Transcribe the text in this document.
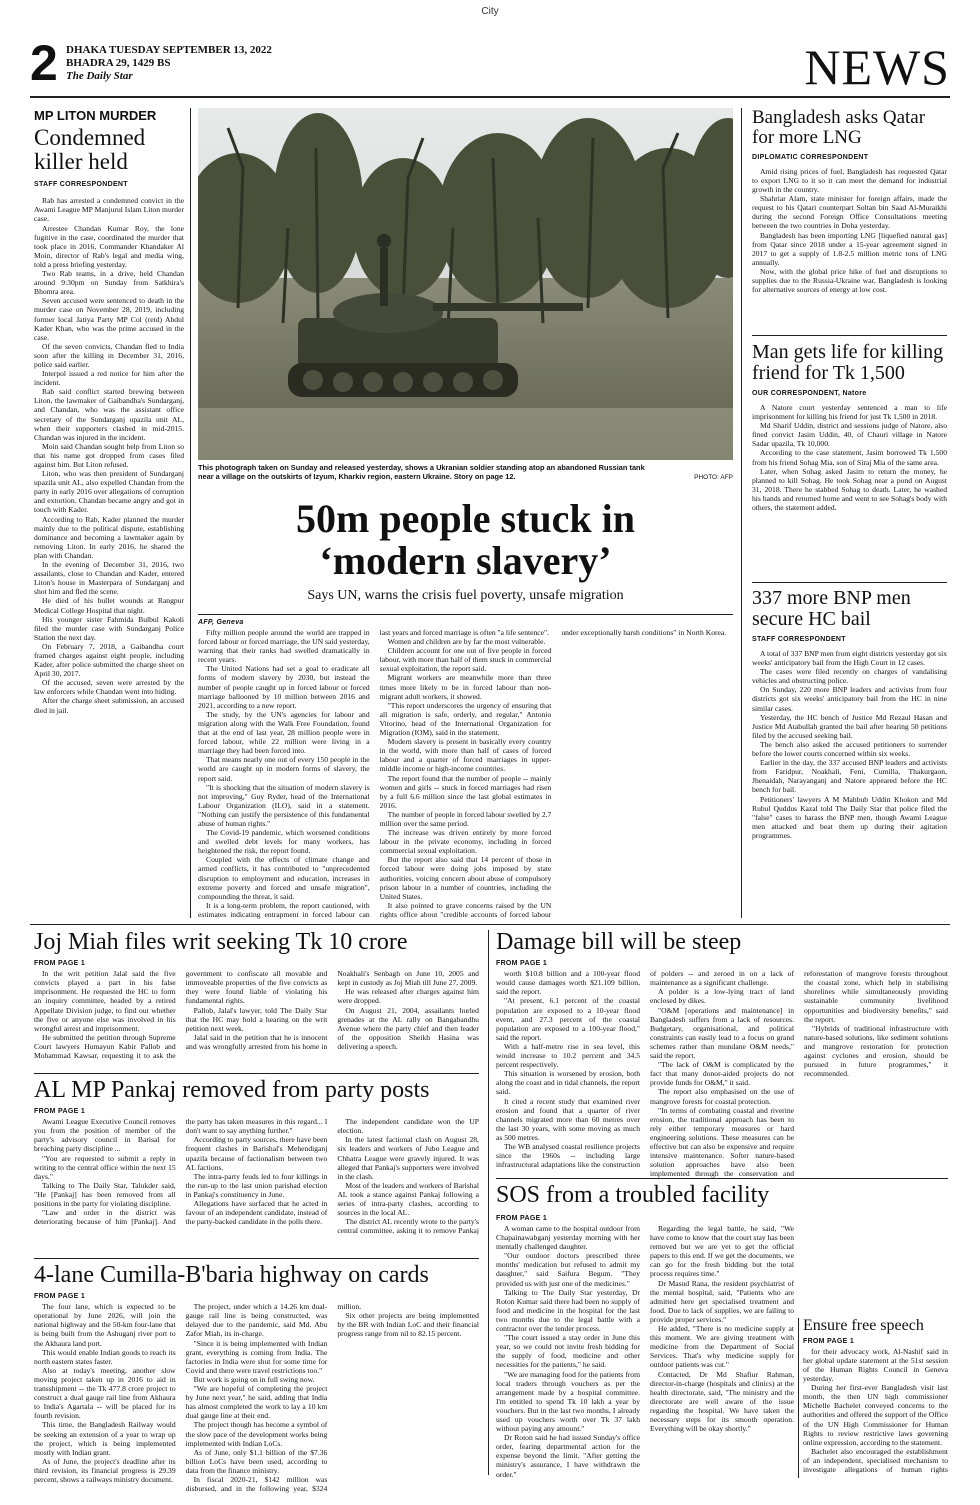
City
2 DHAKA TUESDAY SEPTEMBER 13, 2022
BHADRA 29, 1429 BS
The Daily Star	NEWS
MP LITON MURDER
Condemned killer held
STAFF CORRESPONDENT

Rab has arrested a condemned convict in the Awami League MP Manjurul Islam Liton murder case.

Arrestee Chandan Kumar Roy, the lone fugitive in the case, coordinated the murder that took place in 2016, Commander Khandaker Al Moin, director of Rab's legal and media wing, told a press briefing yesterday.

Two Rab teams, in a drive, held Chandan around 9:30pm on Sunday from Satkhira's Bhomra area.

Seven accused were sentenced to death in the murder case on November 28, 2019, including former local Jatiya Party MP Col (retd) Abdul Kader Khan, who was the prime accused in the case.

Of the seven convicts, Chandan fled to India soon after the killing in December 31, 2016, police said earlier.

Interpol issued a red notice for him after the incident.

Rab said conflict started brewing between Liton, the lawmaker of Gaibandha's Sundarganj, and Chandan, who was the assistant office secretary of the Sundarganj upazila unit AL, when their supporters clashed in mid-2015. Chandan was injured in the incident.

Moin said Chandan sought help from Liton so that his name got dropped from cases filed against him. But Liton refused.

Liton, who was then president of Sundarganj upazila unit AL, also expelled Chandan from the party in early 2016 over allegations of corruption and extortion. Chandan became angry and got in touch with Kader.

According to Rab, Kader planned the murder mainly due to the political dispute, establishing dominance and becoming a lawmaker again by removing Liton. In early 2016, he shared the plan with Chandan.

In the evening of December 31, 2016, two assailants, close to Chandan and Kader, entered Liton's house in Masterpara of Sundarganj and shot him and fled the scene.

He died of his bullet wounds at Rangpur Medical College Hospital that night.

His younger sister Fahmida Bulbul Kakoli filed the murder case with Sundarganj Police Station the next day.

On February 7, 2018, a Gaibandha court framed charges against eight people, including Kader, after police submitted the charge sheet on April 30, 2017.

Of the accused, seven were arrested by the law enforcers while Chandan went into hiding.

After the charge sheet submission, an accused died in jail.

This photograph taken on Sunday and released yesterday, shows a Ukranian soldier standing atop an abandoned Russian tank near a village on the outskirts of Izyum, Kharkiv region, eastern Ukraine. Story on page 12.	PHOTO: AFP
50m people stuck in
‘modern slavery’
Says UN, warns the crisis fuel poverty, unsafe migration
AFP, Geneva

Fifty million people around the world are trapped in forced labour or forced marriage, the UN said yesterday, warning that their ranks had swelled dramatically in recent years.

The United Nations had set a goal to eradicate all forms of modern slavery by 2030, but instead the number of people caught up in forced labour or forced marriage ballooned by 10 million between 2016 and 2021, according to a new report.

The study, by the UN's agencies for labour and migration along with the Walk Free Foundation, found that at the end of last year, 28 million people were in forced labour, while 22 million were living in a marriage they had been forced into.

That means nearly one out of every 150 people in the world are caught up in modern forms of slavery, the report said.

"It is shocking that the situation of modern slavery is not improving," Guy Ryder, head of the International Labour Organization (ILO), said in a statement. "Nothing can justify the persistence of this fundamental abuse of human rights."

The Covid-19 pandemic, which worsened conditions and swelled debt levels for many workers, has heightened the risk, the report found.

Coupled with the effects of climate change and armed conflicts, it has contributed to "unprecedented disruption to employment and education, increases in extreme poverty and forced and unsafe migration", compounding the threat, it said.

It is a long-term problem, the report cautioned, with estimates indicating entrapment in forced labour can last years and forced marriage is often "a life sentence".

Women and children are by far the most vulnerable.

Children account for one out of five people in forced labour, with more than half of them stuck in commercial sexual exploitation, the report said.

Migrant workers are meanwhile more than three times more likely to be in forced labour than non-migrant adult workers, it showed.

"This report underscores the urgency of ensuring that all migration is safe, orderly, and regular," Antonio Vitorino, head of the International Organization for Migration (IOM), said in the statement.

Modern slavery is present in basically every country in the world, with more than half of cases of forced labour and a quarter of forced marriages in upper-middle income or high-income countries.

The report found that the number of people -- mainly women and girls -- stuck in forced marriages had risen by a full 6.6 million since the last global estimates in 2016.

The number of people in forced labour swelled by 2.7 million over the same period.

The increase was driven entirely by more forced labour in the private economy, including in forced commercial sexual exploitation.

But the report also said that 14 percent of those in forced labour were doing jobs imposed by state authorities, voicing concern about abuse of compulsory prison labour in a number of countries, including the United States.

It also pointed to grave concerns raised by the UN rights office about "credible accounts of forced labour under exceptionally harsh conditions" in North Korea.

Bangladesh asks Qatar for more LNG
DIPLOMATIC CORRESPONDENT

Amid rising prices of fuel, Bangladesh has requested Qatar to export LNG to it so it can meet the demand for industrial growth in the country.

Shahriar Alam, state minister for foreign affairs, made the request to his Qatari counterpart Soltan bin Saad Al-Muraikhi during the second Foreign Office Consultations meeting between the two countries in Doha yesterday.

Bangladesh has been importing LNG [liquefied natural gas] from Qatar since 2018 under a 15-year agreement signed in 2017 to get a supply of 1.8-2.5 million metric tons of LNG annually.

Now, with the global price hike of fuel and disruptions to supplies due to the Russia-Ukraine war, Bangladesh is looking for alternative sources of energy at low cost.

Man gets life for killing friend for Tk 1,500
OUR CORRESPONDENT, Natore

A Natore court yesterday sentenced a man to life imprisonment for killing his friend for just Tk 1,500 in 2018.

Md Sharif Uddin, district and sessions judge of Natore, also fined convict Jasim Uddin, 40, of Chauri village in Natore Sadar upazila, Tk 10,000.

According to the case statement, Jasim borrowed Tk 1,500 from his friend Sohag Mia, son of Siraj Mia of the same area.

Later, when Sohag asked Jasim to return the money, he planned to kill Sohag. He took Sohag near a pond on August 31, 2018. There he stabbed Sohag to death. Later, he washed his hands and returned home and went to see Sohag's body with others, the statement added.

337 more BNP men secure HC bail
STAFF CORRESPONDENT

A total of 337 BNP men from eight districts yesterday got six weeks' anticipatory bail from the High Court in 12 cases.

The cases were filed recently on charges of vandalising vehicles and obstructing police.

On Sunday, 220 more BNP leaders and activists from four districts got six weeks' anticipatory bail from the HC in nine similar cases.

Yesterday, the HC bench of Justice Md Rezaul Hasan and Justice Md Atabullah granted the bail after hearing 50 petitions filed by the accused seeking bail.

The bench also asked the accused petitioners to surrender before the lower courts concerned within six weeks.

Earlier in the day, the 337 accused BNP leaders and activists from Faridpur, Noakhali, Feni, Cumilla, Thakurgaon, Jhenaidah, Narayanganj and Natore appeared before the HC bench for bail.

Petitioners' lawyers A M Mahbub Uddin Khokon and Md Ruhul Quddus Kazal told The Daily Star that police filed the "false" cases to harass the BNP men, though Awami League men attacked and beat them up during their agitation programmes.

Joj Miah files writ seeking Tk 10 crore
FROM PAGE 1

In the writ petition Jalal said the five convicts played a part in his false imprisonment. He requested the HC to form an inquiry committee, headed by a retired Appellate Division judge, to find out whether the five or anyone else was involved in his wrongful arrest and imprisonment.

He submitted the petition through Supreme Court lawyers Humayun Kabir Pallob and Mohammad Kawsar, requesting it to ask the government to confiscate all movable and immoveable properties of the five convicts as they were found liable of violating his fundamental rights.

Pallob, Jalal's lawyer, told The Daily Star that the HC may hold a hearing on the writ petition next week.

Jalal said in the petition that he is innocent and was wrongfully arrested from his home in Noakhali's Senbagh on June 10, 2005 and kept in custody as Joj Miah till June 27, 2009.

He was released after charges against him were dropped.

On August 21, 2004, assailants hurled grenades at the AL rally on Bangabandhu Avenue where the party chief and then leader of the opposition Sheikh Hasina was delivering a speech.

AL MP Pankaj removed from party posts
FROM PAGE 1

Awami League Executive Council removes you from the position of member of the party's advisory council in Barisal for breaching party discipline ...

"You are requested to submit a reply in writing to the central office within the next 15 days."

Talking to The Daily Star, Talukder said, "He [Pankaj] has been removed from all positions in the party for violating discipline.

"Law and order in the district was deteriorating because of him [Pankaj]. And the party has taken measures in this regard... I don't want to say anything further."

According to party sources, there have been frequent clashes in Barishal's Mehendiganj upazila because of factionalism between two AL factions.

The intra-party feuds led to four killings in the run-up to the last union parishad election in Pankaj's constituency in June.

Allegations have surfaced that he acted in favour of an independent candidate, instead of the party-backed candidate in the polls there.

The independent candidate won the UP election.

In the latest factional clash on August 28, six leaders and workers of Jubo League and Chhatra League were gravely injured. It was alleged that Pankaj's supporters were involved in the clash.

Most of the leaders and workers of Barishal AL took a stance against Pankaj following a series of intra-party clashes, according to sources in the local AL.

The district AL recently wrote to the party's central committee, asking it to remove Pankaj

4-lane Cumilla-B'baria highway on cards
FROM PAGE 1

The four lane, which is expected to be operational by June 2026, will join the national highway and the 50-km four-lane that is being built from the Ashuganj river port to the Akhaura land port.

This would enable Indian goods to reach its north eastern states faster.

Also at today's meeting, another slow moving project taken up in 2016 to aid in transshipment -- the Tk 477.8 crore project to construct a dual gauge rail line from Akhaura to India's Agartala -- will be placed for its fourth revision.

This time, the Bangladesh Railway would be seeking an extension of a year to wrap up the project, which is being implemented mostly with Indian grant.

As of June, the project's deadline after its third revision, its financial progress is 29.39 percent, shows a railways ministry document.

The project, under which a 14.26 km dual-gauge rail line is being constructed, was delayed due to the pandemic, said Md. Abu Zafor Miah, its in-charge.

"Since it is being implemented with Indian grant, everything is coming from India. The factories in India were shut for some time for Covid and there were travel restrictions too."

But work is going on in full swing now.

"We are hopeful of completing the project by June next year," he said, adding that India has almost completed the work to lay a 10 km dual gauge line at their end.

The project though has become a symbol of the slow pace of the development works being implemented with Indian LoCs.

As of June, only $1.1 billion of the $7.36 billion LoCs have been used, according to data from the finance ministry.

In fiscal 2020-21, $142 million was disbursed, and in the following year, $324 million.

Six other projects are being implemented by the BR with Indian LoC and their financial progress range from nil to 82.15 percent.

Damage bill will be steep
FROM PAGE 1

worth $10.8 billion and a 100-year flood would cause damages worth $21.109 billion, said the report.

"At present, 6.1 percent of the coastal population are exposed to a 10-year flood event, and 27.3 percent of the coastal population are exposed to a 100-year flood," said the report.

With a half-metre rise in sea level, this would increase to 10.2 percent and 34.5 percent respectively.

This situation is worsened by erosion, both along the coast and in tidal channels, the report said.

It cited a recent study that examined river erosion and found that a quarter of river channels migrated more than 60 metres over the last 30 years, with some moving as much as 500 metres.

The WB analysed coastal resilience projects since the 1960s -- including large infrastructural adaptations like the construction of polders -- and zeroed in on a lack of maintenance as a significant challenge.

A polder is a low-lying tract of land enclosed by dikes.

"O&M [operations and maintenance] in Bangladesh suffers from a lack of resources. Budgetary, organisational, and political constraints can easily lead to a focus on grand schemes rather than mundane O&M needs," said the report.

"The lack of O&M is complicated by the fact that many donor-aided projects do not provide funds for O&M," it said.

The report also emphasised on the use of mangrove forests for coastal protection.

"In terms of combating coastal and riverine erosion, the traditional approach has been to rely either temporary measures or hard engineering solutions. These measures can be effective but can also be expensive and require intensive maintenance. Softer nature-based solution approaches have also been implemented through the conservation and reforestation of mangrove forests throughout the coastal zone, which help in stabilising shorelines while simultaneously providing sustainable community livelihood opportunities and biodiversity benefits," said the report.

"Hybrids of traditional infrastructure with nature-based solutions, like sediment solutions and mangrove restoration for protection against cyclones and erosion, should be pursued in future programmes," it recommended.

SOS from a troubled facility
FROM PAGE 1

A woman came to the hospital outdoor from Chapainawabganj yesterday morning with her mentally challenged daughter.

"Our outdoor doctors prescribed three months' medication but refused to admit my daughter," said Saifura Begum. "They provided us with just one of the medicines."

Talking to The Daily Star yesterday, Dr Roton Kumar said there had been no supply of food and medicine in the hospital for the last two months due to the legal battle with a contractor over the tender process.

"The court issued a stay order in June this year, so we could not invite fresh bidding for the supply of food, medicine and other necessities for the patients," he said.

"We are managing food for the patients from local traders through vouchers as per the arrangement made by a hospital committee. I'm entitled to spend Tk 10 lakh a year by vouchers. But in the last two months, I already used up vouchers worth over Tk 37 lakh without paying any amount."

Dr Roton said he had issued Sunday's office order, fearing departmental action for the expense beyond the limit. "After getting the ministry's assurance, I have withdrawn the order."

Regarding the legal battle, he said, "We have come to know that the court stay has been removed but we are yet to get the official papers to this end. If we get the documents, we can go for the fresh bidding but the total process requires time."

Dr Masud Rana, the resident psychiatrist of the mental hospital, said, "Patients who are admitted here get specialised treatment and food. Due to lack of supplies, we are failing to provide proper services."

He added, "There is no medicine supply at this moment. We are giving treatment with medicine from the Department of Social Services. That's why medicine supply for outdoor patients was cut."

Contacted, Dr Md Shafiur Rahman, director-in-charge (hospitals and clinics) at the health directorate, said, "The ministry and the directorate are well aware of the issue regarding the hospital. We have taken the necessary steps for its smooth operation. Everything will be okay shortly."

Ensure free speech
FROM PAGE 1

for their advocacy work, Al-Nashif said in her global update statement at the 51st session of the Human Rights Council in Geneva yesterday.

During her first-ever Bangladesh visit last month, the then UN high commissioner Michelle Bachelet conveyed concerns to the authorities and offered the support of the Office of the UN High Commissioner for Human Rights to review restrictive laws governing online expression, according to the statement.

Bachelet also encouraged the establishment of an independent, specialised mechanism to investigate allegations of human rights
